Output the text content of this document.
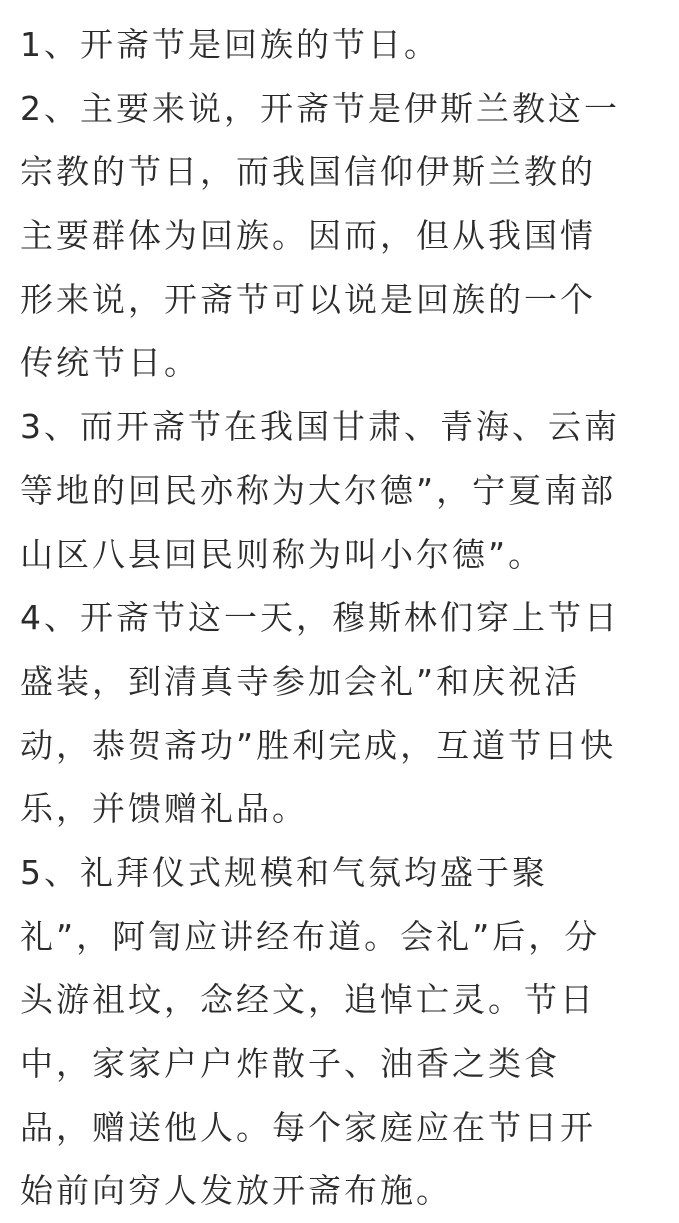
1、开斋节是回族的节日。
2、主要来说，开斋节是伊斯兰教这一
宗教的节日，而我国信仰伊斯兰教的
主要群体为回族。因而，但从我国情
形来说，开斋节可以说是回族的一个
传统节日。
3、而开斋节在我国甘肃、青海、云南
等地的回民亦称为大尔德”，宁夏南部
山区八县回民则称为叫小尔德”。
4、开斋节这一天，穆斯林们穿上节日
盛装，到清真寺参加会礼”和庆祝活
动，恭贺斋功”胜利完成，互道节日快
乐，并馈赠礼品。
5、礼拜仪式规模和气氛均盛于聚
礼”，阿訇应讲经布道。会礼”后，分
头游祖坟，念经文，追悼亡灵。节日
中，家家户户炸散子、油香之类食
品，赠送他人。每个家庭应在节日开
始前向穷人发放开斋布施。
